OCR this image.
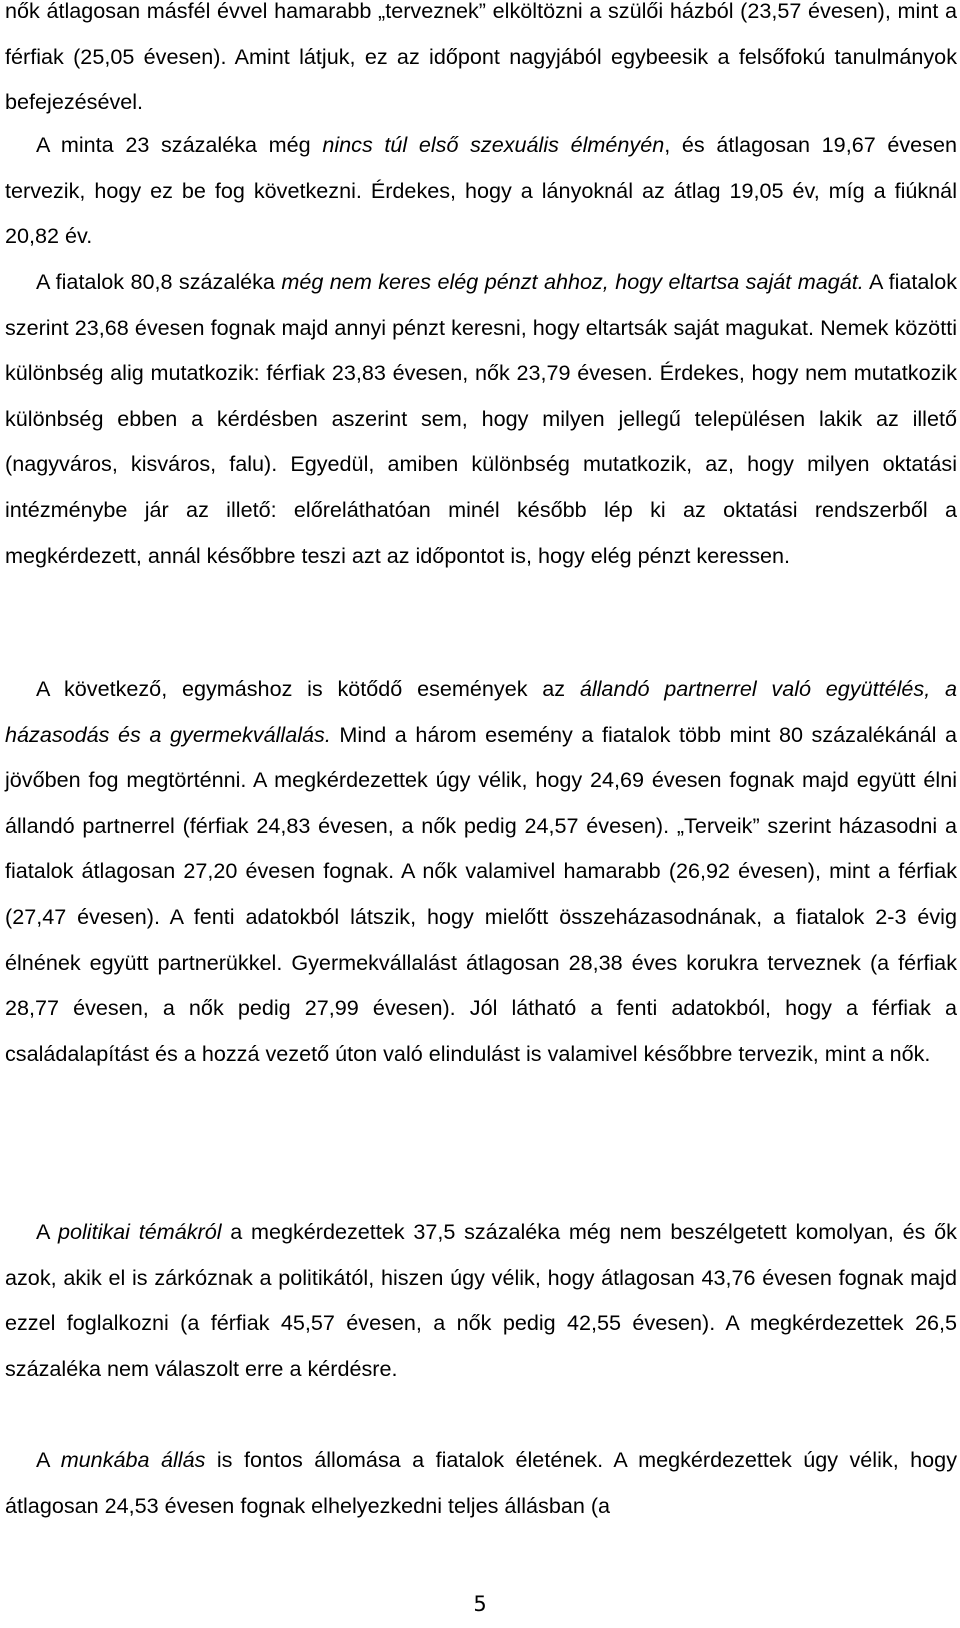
nők átlagosan másfél évvel hamarabb „terveznek” elköltözni a szülői házból (23,57 évesen), mint a férfiak (25,05 évesen). Amint látjuk, ez az időpont nagyjából egybeesik a felsőfokú tanulmányok befejezésével.

A minta 23 százaléka még nincs túl első szexuális élményén, és átlagosan 19,67 évesen tervezik, hogy ez be fog következni. Érdekes, hogy a lányoknál az átlag 19,05 év, míg a fiúknál 20,82 év.

A fiatalok 80,8 százaléka még nem keres elég pénzt ahhoz, hogy eltartsa saját magát. A fiatalok szerint 23,68 évesen fognak majd annyi pénzt keresni, hogy eltartsák saját magukat. Nemek közötti különbség alig mutatkozik: férfiak 23,83 évesen, nők 23,79 évesen. Érdekes, hogy nem mutatkozik különbség ebben a kérdésben aszerint sem, hogy milyen jellegű településen lakik az illető (nagyváros, kisváros, falu). Egyedül, amiben különbség mutatkozik, az, hogy milyen oktatási intézménybe jár az illető: előreláthatóan minél később lép ki az oktatási rendszerből a megkérdezett, annál későbbre teszi azt az időpontot is, hogy elég pénzt keressen.

A következő, egymáshoz is kötődő események az állandó partnerrel való együttélés, a házasodás és a gyermekvállalás. Mind a három esemény a fiatalok több mint 80 százalékánál a jövőben fog megtörténni. A megkérdezettek úgy vélik, hogy 24,69 évesen fognak majd együtt élni állandó partnerrel (férfiak 24,83 évesen, a nők pedig 24,57 évesen). „Terveik” szerint házasodni a fiatalok átlagosan 27,20 évesen fognak. A nők valamivel hamarabb (26,92 évesen), mint a férfiak (27,47 évesen). A fenti adatokból látszik, hogy mielőtt összeházasodnának, a fiatalok 2-3 évig élnének együtt partnerükkel. Gyermekvállalást átlagosan 28,38 éves korukra terveznek (a férfiak 28,77 évesen, a nők pedig 27,99 évesen). Jól látható a fenti adatokból, hogy a férfiak a családalapítást és a hozzá vezető úton való elindulást is valamivel későbbre tervezik, mint a nők.

A politikai témákról a megkérdezettek 37,5 százaléka még nem beszélgetett komolyan, és ők azok, akik el is zárkóznak a politikától, hiszen úgy vélik, hogy átlagosan 43,76 évesen fognak majd ezzel foglalkozni (a férfiak 45,57 évesen, a nők pedig 42,55 évesen). A megkérdezettek 26,5 százaléka nem válaszolt erre a kérdésre.

A munkába állás is fontos állomása a fiatalok életének. A megkérdezettek úgy vélik, hogy átlagosan 24,53 évesen fognak elhelyezkedni teljes állásban (a

5
